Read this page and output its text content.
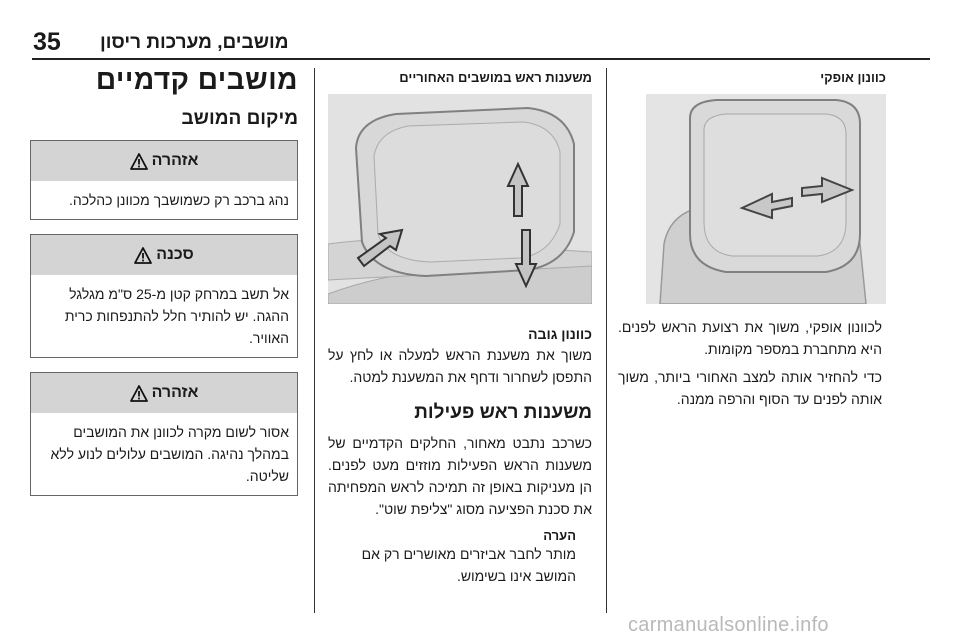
35 מושבים, מערכות ריסון
כוונון אופקי

לכוונון אופקי, משוך את רצועת הראש לפנים. היא מתחברת במספר מקומות.

כדי להחזיר אותה למצב האחורי ביותר, משוך אותה לפנים עד הסוף והרפה ממנה.

משענות ראש במושבים האחוריים
כוונון גובה

משוך את משענת הראש למעלה או לחץ על התפסן לשחרור ודחף את המשענת למטה.

משענות ראש פעילות

כשרכב נתבט מאחור, החלקים הקדמיים של משענות הראש הפעילות מוזזים מעט לפנים. הן מעניקות באופן זה תמיכה לראש המפחיתה את סכנת הפציעה מסוג "צליפת שוט".

הערה

מותר לחבר אביזרים מאושרים רק אם המושב אינו בשימוש.

מושבים קדמיים
מיקום המושב
אזהרה
נהג ברכב רק כשמושבך מכוונן כהלכה.
סכנה
אל תשב במרחק קטן מ-25 ס"מ מגלגל ההגה. יש להותיר חלל להתנפחות כרית האוויר.
אזהרה
אסור לשום מקרה לכוונן את המושבים במהלך נהיגה. המושבים עלולים לנוע ללא שליטה.
carmanualsonline.info
